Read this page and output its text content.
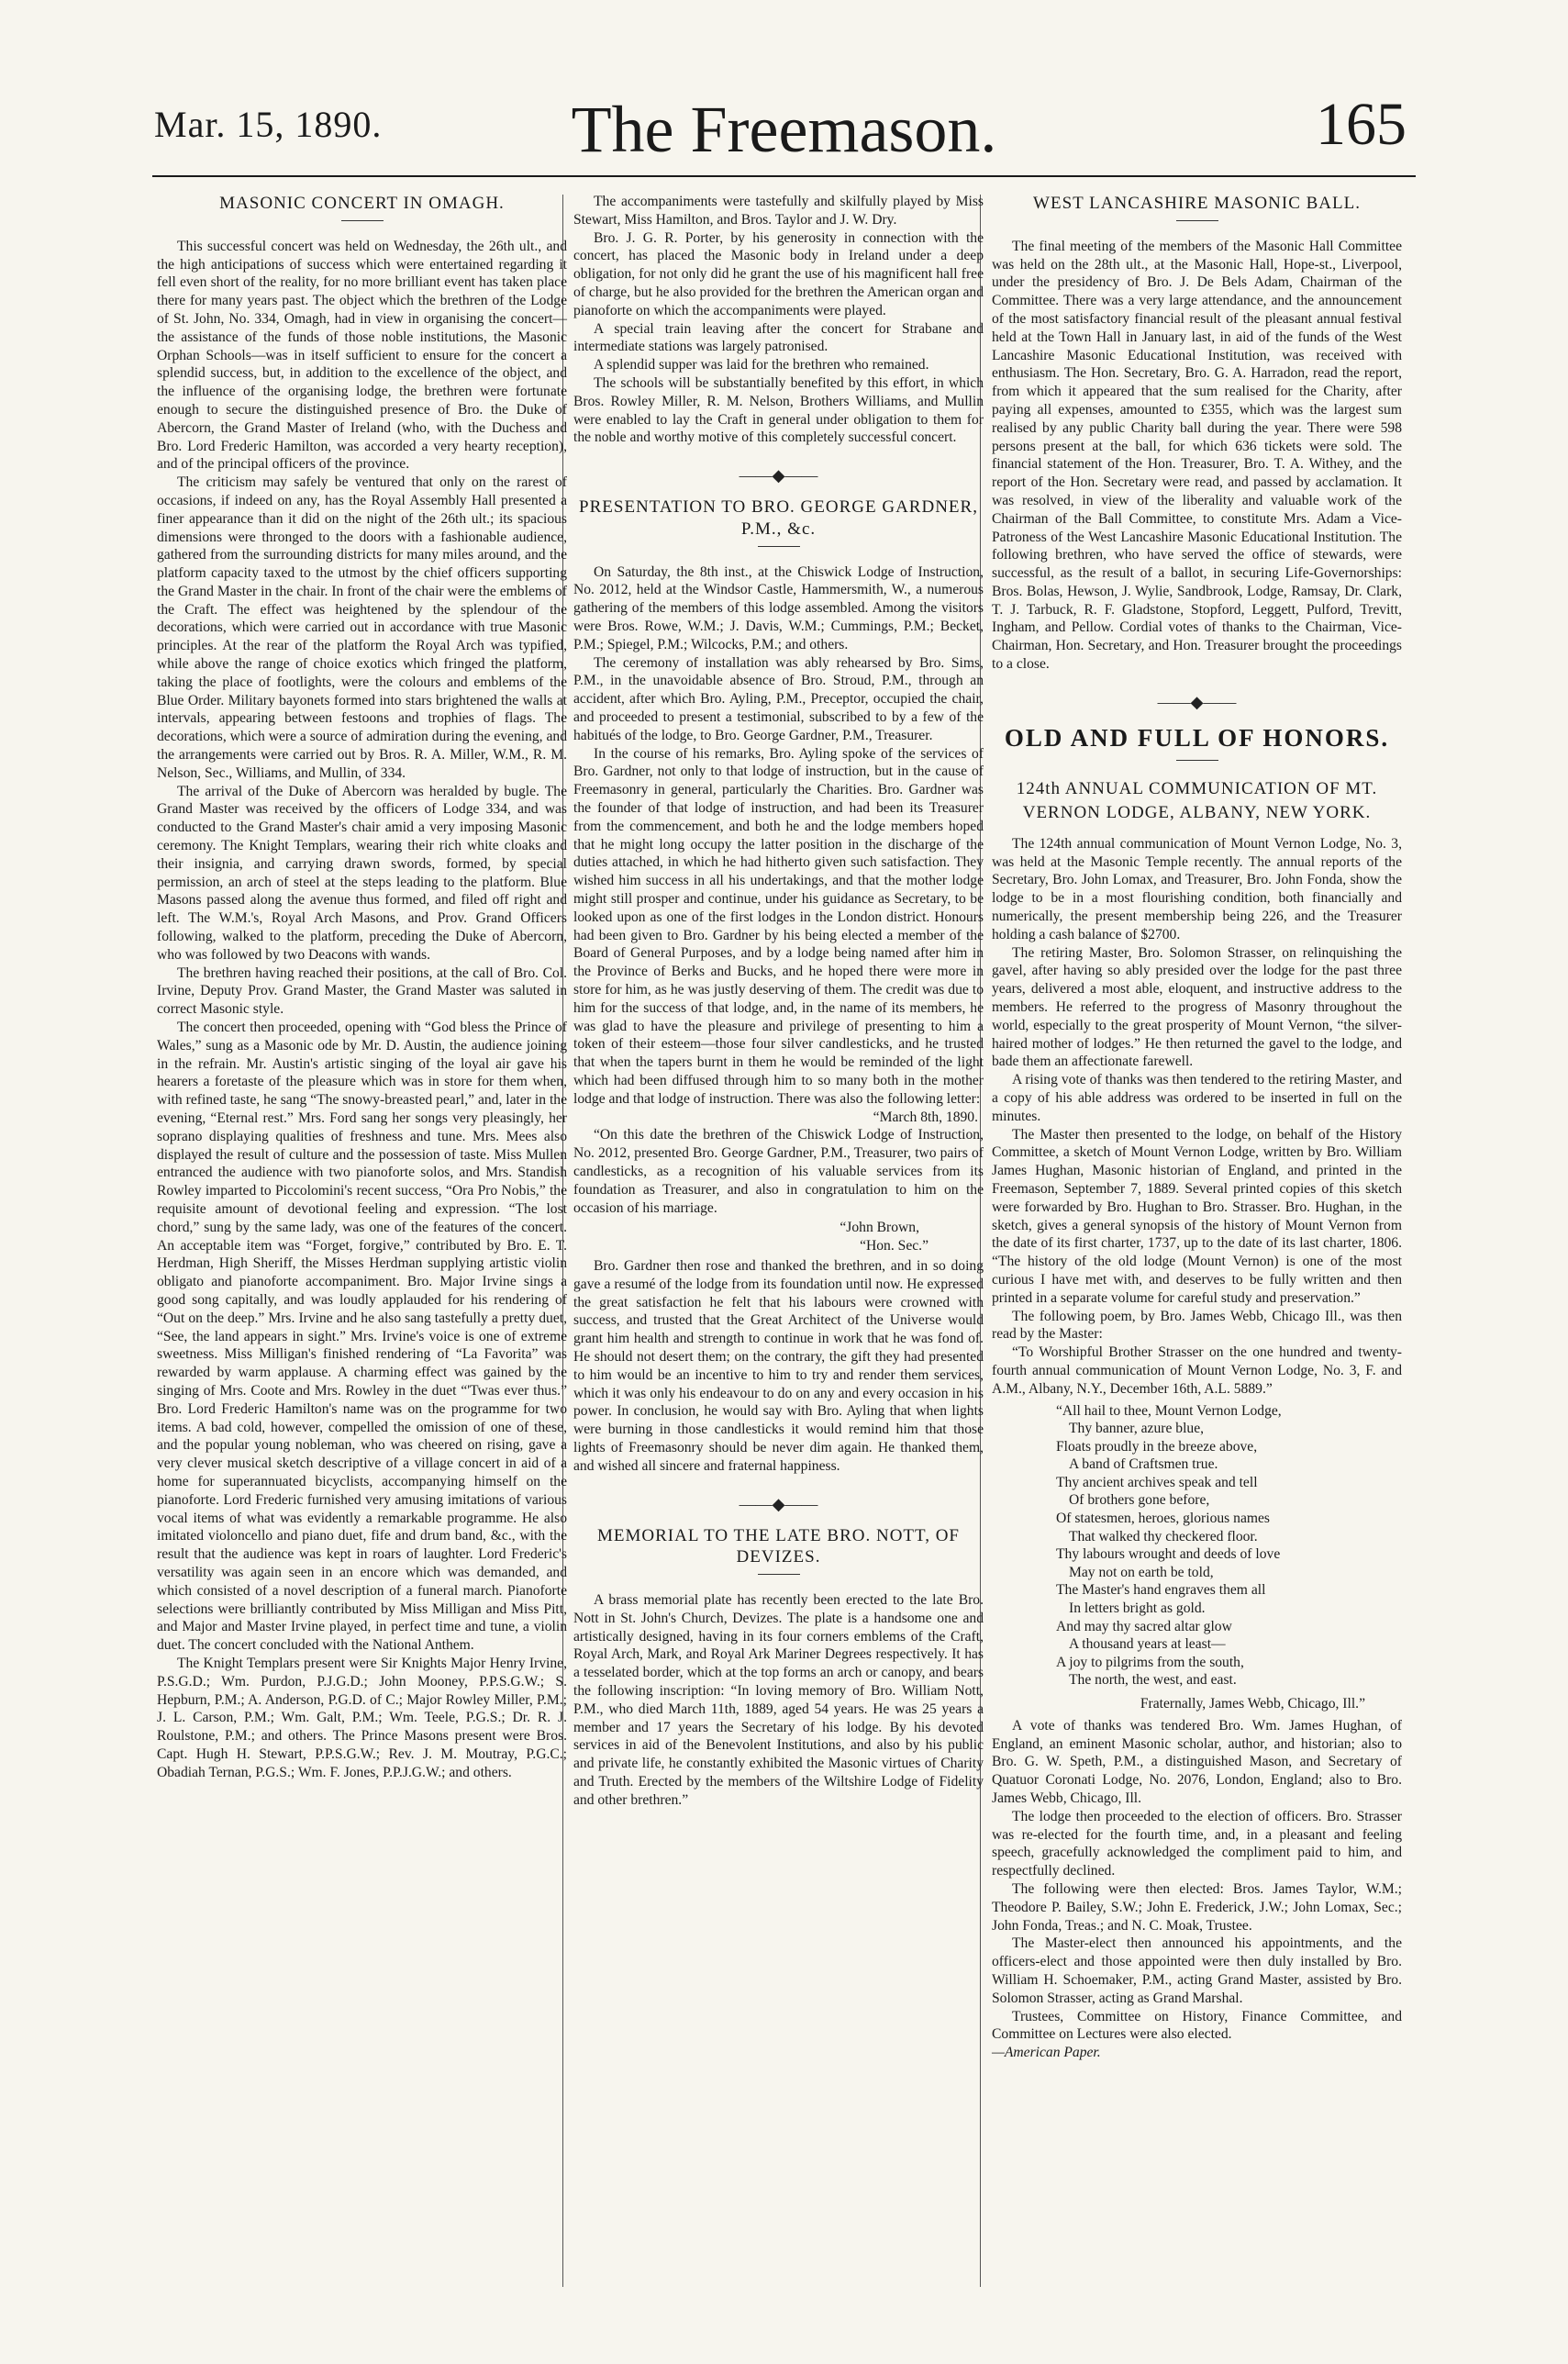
Mar. 15, 1890.	The Freemason.	165
MASONIC CONCERT IN OMAGH.

This successful concert was held on Wednesday, the 26th ult., and the high anticipations of success which were entertained regarding it fell even short of the reality, for no more brilliant event has taken place there for many years past. The object which the brethren of the Lodge of St. John, No. 334, Omagh, had in view in organising the concert—the assistance of the funds of those noble institutions, the Masonic Orphan Schools—was in itself sufficient to ensure for the concert a splendid success, but, in addition to the excellence of the object, and the influence of the organising lodge, the brethren were fortunate enough to secure the distinguished presence of Bro. the Duke of Abercorn, the Grand Master of Ireland (who, with the Duchess and Bro. Lord Frederic Hamilton, was accorded a very hearty reception), and of the principal officers of the province.

The criticism may safely be ventured that only on the rarest of occasions, if indeed on any, has the Royal Assembly Hall presented a finer appearance than it did on the night of the 26th ult.; its spacious dimensions were thronged to the doors with a fashionable audience, gathered from the surrounding districts for many miles around, and the platform capacity taxed to the utmost by the chief officers supporting the Grand Master in the chair. In front of the chair were the emblems of the Craft. The effect was heightened by the splendour of the decorations, which were carried out in accordance with true Masonic principles. At the rear of the platform the Royal Arch was typified, while above the range of choice exotics which fringed the platform, taking the place of footlights, were the colours and emblems of the Blue Order. Military bayonets formed into stars brightened the walls at intervals, appearing between festoons and trophies of flags. The decorations, which were a source of admiration during the evening, and the arrangements were carried out by Bros. R. A. Miller, W.M., R. M. Nelson, Sec., Williams, and Mullin, of 334.

The arrival of the Duke of Abercorn was heralded by bugle. The Grand Master was received by the officers of Lodge 334, and was conducted to the Grand Master's chair amid a very imposing Masonic ceremony. The Knight Templars, wearing their rich white cloaks and their insignia, and carrying drawn swords, formed, by special permission, an arch of steel at the steps leading to the platform. Blue Masons passed along the avenue thus formed, and filed off right and left. The W.M.'s, Royal Arch Masons, and Prov. Grand Officers following, walked to the platform, preceding the Duke of Abercorn, who was followed by two Deacons with wands.

The brethren having reached their positions, at the call of Bro. Col. Irvine, Deputy Prov. Grand Master, the Grand Master was saluted in correct Masonic style.

The concert then proceeded, opening with “God bless the Prince of Wales,” sung as a Masonic ode by Mr. D. Austin, the audience joining in the refrain. Mr. Austin's artistic singing of the loyal air gave his hearers a foretaste of the pleasure which was in store for them when, with refined taste, he sang “The snowy-breasted pearl,” and, later in the evening, “Eternal rest.” Mrs. Ford sang her songs very pleasingly, her soprano displaying qualities of freshness and tune. Mrs. Mees also displayed the result of culture and the possession of taste. Miss Mullen entranced the audience with two pianoforte solos, and Mrs. Standish Rowley imparted to Piccolomini's recent success, “Ora Pro Nobis,” the requisite amount of devotional feeling and expression. “The lost chord,” sung by the same lady, was one of the features of the concert. An acceptable item was “Forget, forgive,” contributed by Bro. E. T. Herdman, High Sheriff, the Misses Herdman supplying artistic violin obligato and pianoforte accompaniment. Bro. Major Irvine sings a good song capitally, and was loudly applauded for his rendering of “Out on the deep.” Mrs. Irvine and he also sang tastefully a pretty duet, “See, the land appears in sight.” Mrs. Irvine's voice is one of extreme sweetness. Miss Milligan's finished rendering of “La Favorita” was rewarded by warm applause. A charming effect was gained by the singing of Mrs. Coote and Mrs. Rowley in the duet “'Twas ever thus.” Bro. Lord Frederic Hamilton's name was on the programme for two items. A bad cold, however, compelled the omission of one of these, and the popular young nobleman, who was cheered on rising, gave a very clever musical sketch descriptive of a village concert in aid of a home for superannuated bicyclists, accompanying himself on the pianoforte. Lord Frederic furnished very amusing imitations of various vocal items of what was evidently a remarkable programme. He also imitated violoncello and piano duet, fife and drum band, &c., with the result that the audience was kept in roars of laughter. Lord Frederic's versatility was again seen in an encore which was demanded, and which consisted of a novel description of a funeral march. Pianoforte selections were brilliantly contributed by Miss Milligan and Miss Pitt, and Major and Master Irvine played, in perfect time and tune, a violin duet. The concert concluded with the National Anthem.

The Knight Templars present were Sir Knights Major Henry Irvine, P.S.G.D.; Wm. Purdon, P.J.G.D.; John Mooney, P.P.S.G.W.; S. Hepburn, P.M.; A. Anderson, P.G.D. of C.; Major Rowley Miller, P.M.; J. L. Carson, P.M.; Wm. Galt, P.M.; Wm. Teele, P.G.S.; Dr. R. J. Roulstone, P.M.; and others. The Prince Masons present were Bros. Capt. Hugh H. Stewart, P.P.S.G.W.; Rev. J. M. Moutray, P.G.C.; Obadiah Ternan, P.G.S.; Wm. F. Jones, P.P.J.G.W.; and others.

The accompaniments were tastefully and skilfully played by Miss Stewart, Miss Hamilton, and Bros. Taylor and J. W. Dry.

Bro. J. G. R. Porter, by his generosity in connection with the concert, has placed the Masonic body in Ireland under a deep obligation, for not only did he grant the use of his magnificent hall free of charge, but he also provided for the brethren the American organ and pianoforte on which the accompaniments were played.

A special train leaving after the concert for Strabane and intermediate stations was largely patronised.

A splendid supper was laid for the brethren who remained.

The schools will be substantially benefited by this effort, in which Bros. Rowley Miller, R. M. Nelson, Brothers Williams, and Mullin were enabled to lay the Craft in general under obligation to them for the noble and worthy motive of this completely successful concert.

——◆——
PRESENTATION TO BRO. GEORGE GARDNER, P.M., &c.

On Saturday, the 8th inst., at the Chiswick Lodge of Instruction, No. 2012, held at the Windsor Castle, Hammersmith, W., a numerous gathering of the members of this lodge assembled. Among the visitors were Bros. Rowe, W.M.; J. Davis, W.M.; Cummings, P.M.; Becket, P.M.; Spiegel, P.M.; Wilcocks, P.M.; and others.

The ceremony of installation was ably rehearsed by Bro. Sims, P.M., in the unavoidable absence of Bro. Stroud, P.M., through an accident, after which Bro. Ayling, P.M., Preceptor, occupied the chair, and proceeded to present a testimonial, subscribed to by a few of the habitués of the lodge, to Bro. George Gardner, P.M., Treasurer.

In the course of his remarks, Bro. Ayling spoke of the services of Bro. Gardner, not only to that lodge of instruction, but in the cause of Freemasonry in general, particularly the Charities. Bro. Gardner was the founder of that lodge of instruction, and had been its Treasurer from the commencement, and both he and the lodge members hoped that he might long occupy the latter position in the discharge of the duties attached, in which he had hitherto given such satisfaction. They wished him success in all his undertakings, and that the mother lodge might still prosper and continue, under his guidance as Secretary, to be looked upon as one of the first lodges in the London district. Honours had been given to Bro. Gardner by his being elected a member of the Board of General Purposes, and by a lodge being named after him in the Province of Berks and Bucks, and he hoped there were more in store for him, as he was justly deserving of them. The credit was due to him for the success of that lodge, and, in the name of its members, he was glad to have the pleasure and privilege of presenting to him a token of their esteem—those four silver candlesticks, and he trusted that when the tapers burnt in them he would be reminded of the light which had been diffused through him to so many both in the mother lodge and that lodge of instruction. There was also the following letter:

“March 8th, 1890.

“On this date the brethren of the Chiswick Lodge of Instruction, No. 2012, presented Bro. George Gardner, P.M., Treasurer, two pairs of candlesticks, as a recognition of his valuable services from its foundation as Treasurer, and also in congratulation to him on the occasion of his marriage.

“John Brown,

“Hon. Sec.”

Bro. Gardner then rose and thanked the brethren, and in so doing gave a resumé of the lodge from its foundation until now. He expressed the great satisfaction he felt that his labours were crowned with success, and trusted that the Great Architect of the Universe would grant him health and strength to continue in work that he was fond of. He should not desert them; on the contrary, the gift they had presented to him would be an incentive to him to try and render them services, which it was only his endeavour to do on any and every occasion in his power. In conclusion, he would say with Bro. Ayling that when lights were burning in those candlesticks it would remind him that those lights of Freemasonry should be never dim again. He thanked them, and wished all sincere and fraternal happiness.

——◆——
MEMORIAL TO THE LATE BRO. NOTT, OF DEVIZES.

A brass memorial plate has recently been erected to the late Bro. Nott in St. John's Church, Devizes. The plate is a handsome one and artistically designed, having in its four corners emblems of the Craft, Royal Arch, Mark, and Royal Ark Mariner Degrees respectively. It has a tesselated border, which at the top forms an arch or canopy, and bears the following inscription: “In loving memory of Bro. William Nott, P.M., who died March 11th, 1889, aged 54 years. He was 25 years a member and 17 years the Secretary of his lodge. By his devoted services in aid of the Benevolent Institutions, and also by his public and private life, he constantly exhibited the Masonic virtues of Charity and Truth. Erected by the members of the Wiltshire Lodge of Fidelity and other brethren.”

WEST LANCASHIRE MASONIC BALL.

The final meeting of the members of the Masonic Hall Committee was held on the 28th ult., at the Masonic Hall, Hope-st., Liverpool, under the presidency of Bro. J. De Bels Adam, Chairman of the Committee. There was a very large attendance, and the announcement of the most satisfactory financial result of the pleasant annual festival held at the Town Hall in January last, in aid of the funds of the West Lancashire Masonic Educational Institution, was received with enthusiasm. The Hon. Secretary, Bro. G. A. Harradon, read the report, from which it appeared that the sum realised for the Charity, after paying all expenses, amounted to £355, which was the largest sum realised by any public Charity ball during the year. There were 598 persons present at the ball, for which 636 tickets were sold. The financial statement of the Hon. Treasurer, Bro. T. A. Withey, and the report of the Hon. Secretary were read, and passed by acclamation. It was resolved, in view of the liberality and valuable work of the Chairman of the Ball Committee, to constitute Mrs. Adam a Vice-Patroness of the West Lancashire Masonic Educational Institution. The following brethren, who have served the office of stewards, were successful, as the result of a ballot, in securing Life-Governorships: Bros. Bolas, Hewson, J. Wylie, Sandbrook, Lodge, Ramsay, Dr. Clark, T. J. Tarbuck, R. F. Gladstone, Stopford, Leggett, Pulford, Trevitt, Ingham, and Pellow. Cordial votes of thanks to the Chairman, Vice-Chairman, Hon. Secretary, and Hon. Treasurer brought the proceedings to a close.

——◆——
OLD AND FULL OF HONORS.
124th ANNUAL COMMUNICATION OF MT. VERNON LODGE, ALBANY, NEW YORK.

The 124th annual communication of Mount Vernon Lodge, No. 3, was held at the Masonic Temple recently. The annual reports of the Secretary, Bro. John Lomax, and Treasurer, Bro. John Fonda, show the lodge to be in a most flourishing condition, both financially and numerically, the present membership being 226, and the Treasurer holding a cash balance of $2700.

The retiring Master, Bro. Solomon Strasser, on relinquishing the gavel, after having so ably presided over the lodge for the past three years, delivered a most able, eloquent, and instructive address to the members. He referred to the progress of Masonry throughout the world, especially to the great prosperity of Mount Vernon, “the silver-haired mother of lodges.” He then returned the gavel to the lodge, and bade them an affectionate farewell.

A rising vote of thanks was then tendered to the retiring Master, and a copy of his able address was ordered to be inserted in full on the minutes.

The Master then presented to the lodge, on behalf of the History Committee, a sketch of Mount Vernon Lodge, written by Bro. William James Hughan, Masonic historian of England, and printed in the Freemason, September 7, 1889. Several printed copies of this sketch were forwarded by Bro. Hughan to Bro. Strasser. Bro. Hughan, in the sketch, gives a general synopsis of the history of Mount Vernon from the date of its first charter, 1737, up to the date of its last charter, 1806. “The history of the old lodge (Mount Vernon) is one of the most curious I have met with, and deserves to be fully written and then printed in a separate volume for careful study and preservation.”

The following poem, by Bro. James Webb, Chicago Ill., was then read by the Master:

“To Worshipful Brother Strasser on the one hundred and twenty-fourth annual communication of Mount Vernon Lodge, No. 3, F. and A.M., Albany, N.Y., December 16th, A.L. 5889.”

“All hail to thee, Mount Vernon Lodge,
Thy banner, azure blue,
Floats proudly in the breeze above,
A band of Craftsmen true.
Thy ancient archives speak and tell
Of brothers gone before,
Of statesmen, heroes, glorious names
That walked thy checkered floor.
Thy labours wrought and deeds of love
May not on earth be told,
The Master's hand engraves them all
In letters bright as gold.
And may thy sacred altar glow
A thousand years at least—
A joy to pilgrims from the south,
The north, the west, and east.
Fraternally, James Webb, Chicago, Ill.”

A vote of thanks was tendered Bro. Wm. James Hughan, of England, an eminent Masonic scholar, author, and historian; also to Bro. G. W. Speth, P.M., a distinguished Mason, and Secretary of Quatuor Coronati Lodge, No. 2076, London, England; also to Bro. James Webb, Chicago, Ill.

The lodge then proceeded to the election of officers. Bro. Strasser was re-elected for the fourth time, and, in a pleasant and feeling speech, gracefully acknowledged the compliment paid to him, and respectfully declined.

The following were then elected: Bros. James Taylor, W.M.; Theodore P. Bailey, S.W.; John E. Frederick, J.W.; John Lomax, Sec.; John Fonda, Treas.; and N. C. Moak, Trustee.

The Master-elect then announced his appointments, and the officers-elect and those appointed were then duly installed by Bro. William H. Schoemaker, P.M., acting Grand Master, assisted by Bro. Solomon Strasser, acting as Grand Marshal.

Trustees, Committee on History, Finance Committee, and Committee on Lectures were also elected.

—American Paper.
